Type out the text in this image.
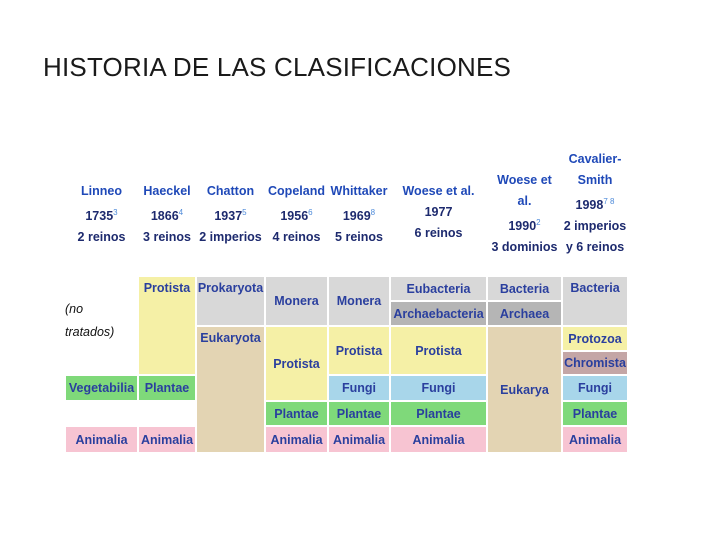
HISTORIA DE LAS CLASIFICACIONES
Linneo
1735$^3$
2 reinos
Haeckel
1866$^4$
3 reinos
Chatton
1937$^5$
2 imperios
Copeland
1956$^6$
4 reinos
Whittaker
1969$^8$
5 reinos
Woese et al.
1977
6 reinos
Woese et al.
1990$^2$
3 dominios
Cavalier-Smith
$1998^{7 8}$
2 imperios y 6 reinos
(no tratados)
Protista
Vegetabilia Plantae
Animalia	Animalia
Prokaryota
Eukaryota
Monera
Protista
Plantae
Animalia
Monera
Protista
Fungi
Plantae
Animalia
Eubacteria
Archaebacteria
Protista
Fungi
Plantae
Animalia
Bacteria
Archaea
Eukarya
Bacteria
Protozoa
Chromista
Fungi
Plantae
Animalia
